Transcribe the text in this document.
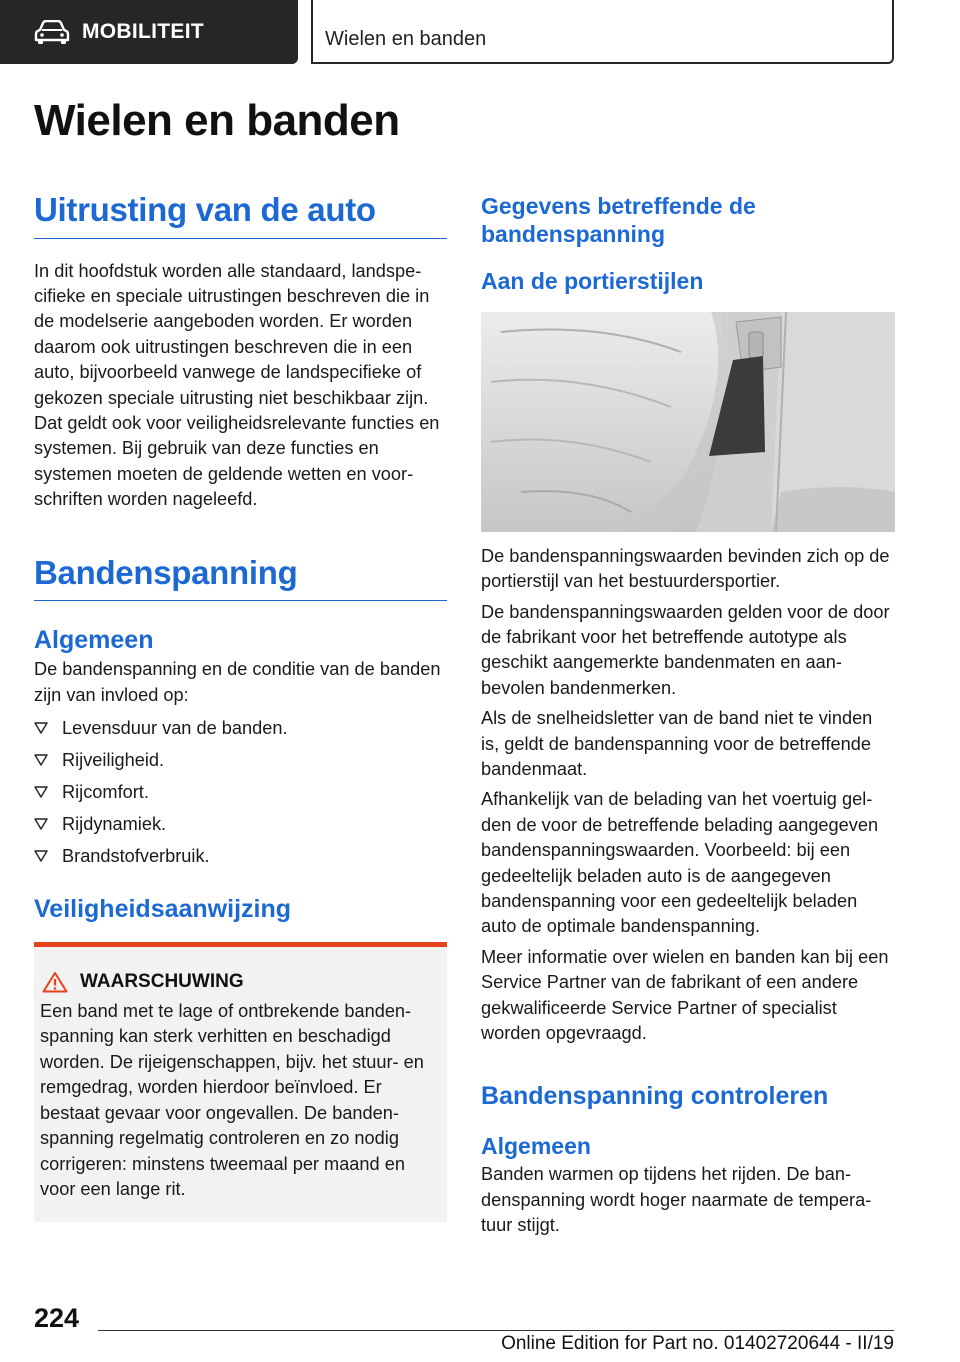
MOBILITEIT	Wielen en banden
Wielen en banden
Uitrusting van de auto

In dit hoofdstuk worden alle standaard, landspecifieke en speciale uitrustingen beschreven die in de modelserie aangeboden worden. Er worden daarom ook uitrustingen beschreven die in een auto, bijvoorbeeld vanwege de landspecifieke of gekozen speciale uitrusting niet beschikbaar zijn. Dat geldt ook voor veiligheidsrelevante functies en systemen. Bij gebruik van deze functies en systemen moeten de geldende wetten en voorschriften worden nageleefd.

Bandenspanning
Algemeen

De bandenspanning en de conditie van de banden zijn van invloed op:

Levensduur van de banden.
Rijveiligheid.
Rijcomfort.
Rijdynamiek.
Brandstofverbruik.
Veiligheidsaanwijzing
WAARSCHUWING

Een band met te lage of ontbrekende bandenspanning kan sterk verhitten en beschadigd worden. De rijeigenschappen, bijv. het stuur- en remgedrag, worden hierdoor beïnvloed. Er bestaat gevaar voor ongevallen. De bandenspanning regelmatig controleren en zo nodig corrigeren: minstens tweemaal per maand en voor een lange rit.

Gegevens betreffende de bandenspanning
Aan de portierstijlen

De bandenspanningswaarden bevinden zich op de portierstijl van het bestuurdersportier.

De bandenspanningswaarden gelden voor de door de fabrikant voor het betreffende autotype als geschikt aangemerkte bandenmaten en aanbevolen bandenmerken.

Als de snelheidsletter van de band niet te vinden is, geldt de bandenspanning voor de betreffende bandenmaat.

Afhankelijk van de belading van het voertuig gelden de voor de betreffende belading aangegeven bandenspanningswaarden. Voorbeeld: bij een gedeeltelijk beladen auto is de aangegeven bandenspanning voor een gedeeltelijk beladen auto de optimale bandenspanning.

Meer informatie over wielen en banden kan bij een Service Partner van de fabrikant of een andere gekwalificeerde Service Partner of specialist worden opgevraagd.

Bandenspanning controleren
Algemeen

Banden warmen op tijdens het rijden. De bandenspanning wordt hoger naarmate de temperatuur stijgt.

224
Online Edition for Part no. 01402720644 - II/19
